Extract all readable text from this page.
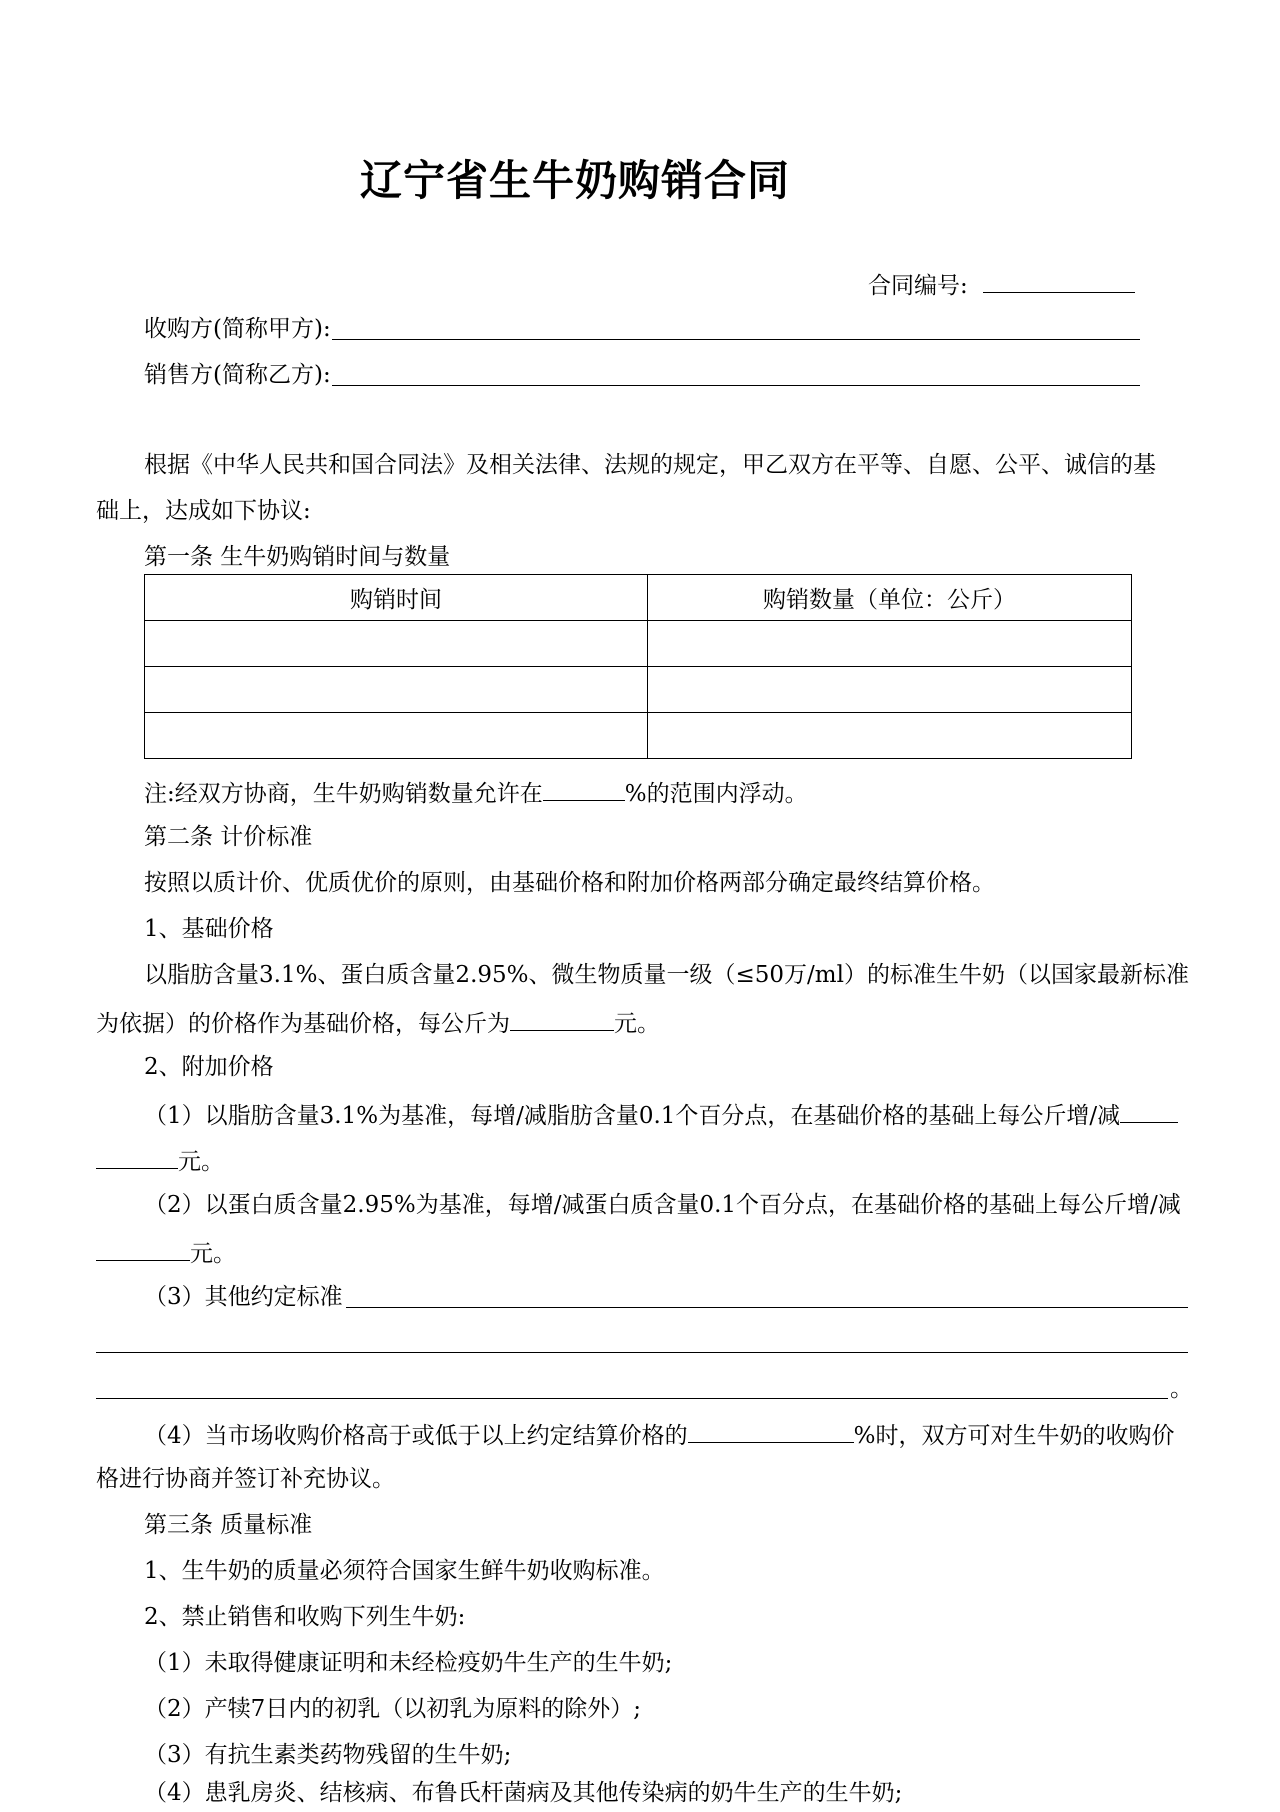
辽宁省生牛奶购销合同
合同编号:
收购方(简称甲方):
销售方(简称乙方):
根据《中华人民共和国合同法》及相关法律、法规的规定，甲乙双方在平等、自愿、公平、诚信的基
础上，达成如下协议:
第一条 生牛奶购销时间与数量
购销时间	购销数量（单位：公斤）

注:经双方协商，生牛奶购销数量允许在	%的范围内浮动。
第二条 计价标准
按照以质计价、优质优价的原则，由基础价格和附加价格两部分确定最终结算价格。
1、基础价格
以脂肪含量3.1%、蛋白质含量2.95%、微生物质量一级（≤50万/ml）的标准生牛奶（以国家最新标准
为依据）的价格作为基础价格，每公斤为	元。
2、附加价格
（1）以脂肪含量3.1%为基准，每增/减脂肪含量0.1个百分点，在基础价格的基础上每公斤增/减
元。
（2）以蛋白质含量2.95%为基准，每增/减蛋白质含量0.1个百分点，在基础价格的基础上每公斤增/减
元。
（3）其他约定标准
。
（4）当市场收购价格高于或低于以上约定结算价格的	%时，双方可对生牛奶的收购价
格进行协商并签订补充协议。
第三条 质量标准
1、生牛奶的质量必须符合国家生鲜牛奶收购标准。
2、禁止销售和收购下列生牛奶:
（1）未取得健康证明和未经检疫奶牛生产的生牛奶;
（2）产犊7日内的初乳（以初乳为原料的除外）;
（3）有抗生素类药物残留的生牛奶;
（4）患乳房炎、结核病、布鲁氏杆菌病及其他传染病的奶牛生产的生牛奶;
